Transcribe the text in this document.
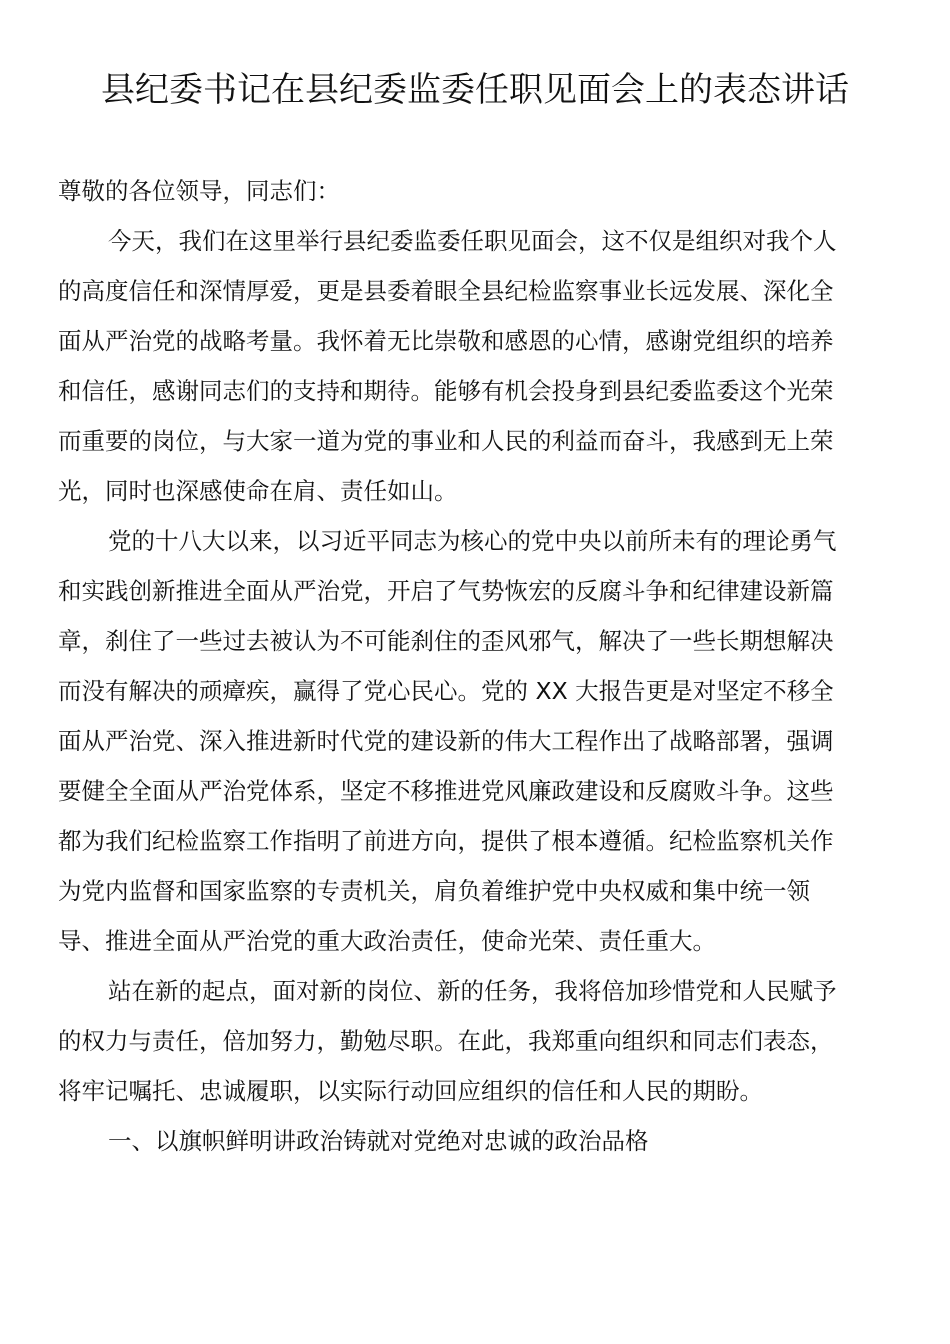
县纪委书记在县纪委监委任职见面会上的表态讲话
尊敬的各位领导，同志们：
今天，我们在这里举行县纪委监委任职见面会，这不仅是组织对我个人
的高度信任和深情厚爱，更是县委着眼全县纪检监察事业长远发展、深化全
面从严治党的战略考量。我怀着无比崇敬和感恩的心情，感谢党组织的培养
和信任，感谢同志们的支持和期待。能够有机会投身到县纪委监委这个光荣
而重要的岗位，与大家一道为党的事业和人民的利益而奋斗，我感到无上荣
光，同时也深感使命在肩、责任如山。
党的十八大以来，以习近平同志为核心的党中央以前所未有的理论勇气
和实践创新推进全面从严治党，开启了气势恢宏的反腐斗争和纪律建设新篇
章，刹住了一些过去被认为不可能刹住的歪风邪气，解决了一些长期想解决
而没有解决的顽瘴疾，赢得了党心民心。党的 XX 大报告更是对坚定不移全
面从严治党、深入推进新时代党的建设新的伟大工程作出了战略部署，强调
要健全全面从严治党体系，坚定不移推进党风廉政建设和反腐败斗争。这些
都为我们纪检监察工作指明了前进方向，提供了根本遵循。纪检监察机关作
为党内监督和国家监察的专责机关，肩负着维护党中央权威和集中统一领
导、推进全面从严治党的重大政治责任，使命光荣、责任重大。
站在新的起点，面对新的岗位、新的任务，我将倍加珍惜党和人民赋予
的权力与责任，倍加努力，勤勉尽职。在此，我郑重向组织和同志们表态，
将牢记嘱托、忠诚履职，以实际行动回应组织的信任和人民的期盼。
一、以旗帜鲜明讲政治铸就对党绝对忠诚的政治品格
